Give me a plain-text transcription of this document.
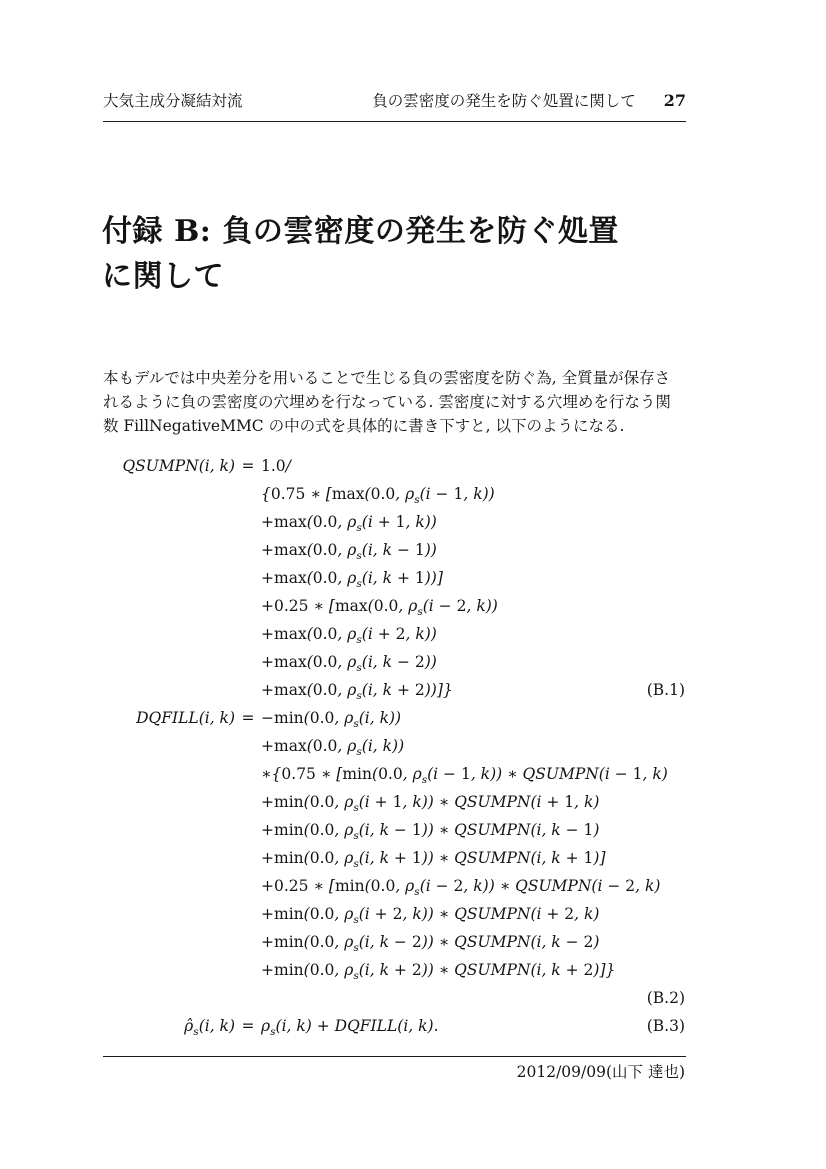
大気主成分凝結対流	負の雲密度の発生を防ぐ処置に関して 27
付録 B: 負の雲密度の発生を防ぐ処置
に関して
本もデルでは中央差分を用いることで生じる負の雲密度を防ぐ為, 全質量が保存さ
れるように負の雲密度の穴埋めを行なっている. 雲密度に対する穴埋めを行なう関
数 FillNegativeMMC の中の式を具体的に書き下すと, 以下のようになる.
QSUMPN(i, k) = 1.0/
{0.75 ∗ [max(0.0, $\rho_s(i - 1$, k))
+max(0.0, $\rho_s(i + 1$, k))
+max(0.0, $\rho_s(i$, k − 1))
+max(0.0, $\rho_s(i$, k + 1))]
+0.25 ∗ [max(0.0, $\rho_s(i - 2$, k))
+max(0.0, $\rho_s(i + 2$, k))
+max(0.0, $\rho_s(i$, k − 2))
+max(0.0, $\rho_s(i$, k + 2))]}	(B.1)
DQFILL(i, k) = −min(0.0, $\rho_s(i$, k))
+max(0.0, $\rho_s(i$, k))
∗{0.75 ∗ [min(0.0, $\rho_s(i - 1$, k)) ∗ QSUMPN(i − 1, k)
+min(0.0, $\rho_s(i + 1$, k)) ∗ QSUMPN(i + 1, k)
+min(0.0, $\rho_s(i$, k − 1)) ∗ QSUMPN(i, k − 1)
+min(0.0, $\rho_s(i$, k + 1)) ∗ QSUMPN(i, k + 1)]
+0.25 ∗ [min(0.0, $\rho_s(i - 2$, k)) ∗ QSUMPN(i − 2, k)
+min(0.0, $\rho_s(i + 2$, k)) ∗ QSUMPN(i + 2, k)
+min(0.0, $\rho_s(i$, k − 2)) ∗ QSUMPN(i, k − 2)
+min(0.0, $\rho_s(i$, k + 2)) ∗ QSUMPN(i, k + 2)]}
(B.2)
$\rhô_s(i$, $k) = \rho_s(i$, k) + DQFILL(i, k).	(B.3)
2012/09/09(山下 達也)
